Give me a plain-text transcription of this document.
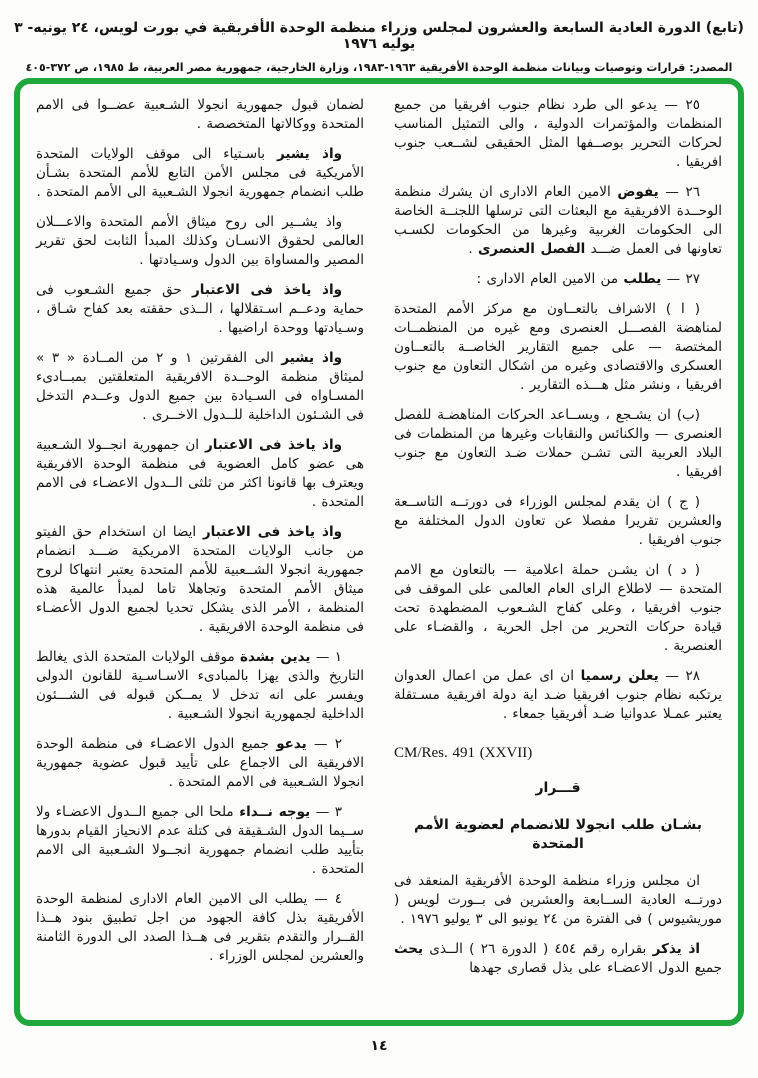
(تابع) الدورة العادية السابعة والعشرون لمجلس وزراء منظمة الوحدة الأفريقية في بورت لويس، ٢٤ يونيه- ٣ يوليه ١٩٧٦
المصدر: قرارات وتوصيات وبيانات منظمة الوحدة الأفريقية ١٩٦٣-١٩٨٣، وزارة الخارجية، جمهورية مصر العربية، ط ١٩٨٥، ص ٣٧٢-٤٠٥

٢٥ — يدعو الى طرد نظام جنوب افريقيا من جميع المنظمات والمؤتمرات الدولية ، والى التمثيل المناسب لحركات التحرير بوصــفها المثل الحقيقى لشــعب جنوب افريقيا .

٢٦ — يفوض الامين العام الادارى ان يشرك منظمة الوحــدة الافريقية مع البعثات التى ترسلها اللجنــة الخاصة الى الحكومات الغربية وغيرها من الحكومات لكسـب تعاونها فى العمل ضـــد الفصل العنصرى .

٢٧ — يطلب من الامين العام الادارى :

( ا ) الاشراف بالتعــاون مع مركز الأمم المتحدة لمناهضة الفصـــل العنصرى ومع غيره من المنظمــات المختصة — على جميع التقارير الخاصــة بالتعــاون العسكرى والاقتصادى وغيره من اشكال التعاون مع جنوب افريقيا ، ونشر مثل هـــذه التقارير .

(ب) ان يشـجع ، ويســاعد الحركات المناهضـة للفصل العنصرى — والكنائس والنقابات وغيرها من المنظمات فى البلاد العربية التى تشـن حملات ضـد التعاون مع جنوب افريقيا .

( ج ) ان يقدم لمجلس الوزراء فى دورتــه التاســعة والعشرين تقريرا مفصلا عن تعاون الدول المختلفة مع جنوب افريقيا .

( د ) ان يشـن حملة اعلامية — بالتعاون مع الامم المتحدة — لاطلاع الراى العام العالمى على الموقف فى جنوب افريقيا ، وعلى كفاح الشـعوب المضطهدة تحت قيادة حركات التحرير من اجل الحرية ، والقضـاء على العنصرية .

٢٨ — يعلن رسميا ان اى عمل من اعمال العدوان يرتكبه نظام جنوب افريقيا ضـد اية دولة افريقية مسـتقلة يعتبر عمـلا عدوانيا ضـد أفريقيا جمعاء .

CM/Res. 491 (XXVII)

قـــرار

بشـان طلب انجولا للانضمام لعضوية الأمم المتحدة

ان مجلس وزراء منظمة الوحدة الأفريقية المنعقد فى دورتــه العادية الســابعة والعشرين فى بــورت لويس ( موريشيوس ) فى الفترة من ٢٤ يونيو الى ٣ يوليو ١٩٧٦ .

اذ يذكر بقراره رقم ٤٥٤ ( الدورة ٢٦ ) الــذى يحث جميع الدول الاعضـاء على بذل قصارى جهدها

لضمان قبول جمهورية انجولا الشـعبية عضــوا فى الامم المتحدة ووكالاتها المتخصصة .

واذ يشير باسـتياء الى موقف الولايات المتحدة الأمريكية فى مجلس الأمن التابع للأمم المتحدة بشـأن طلب انضمام جمهورية انجولا الشـعبية الى الأمم المتحدة .

واذ يشــير الى روح ميثاق الأمم المتحدة والاعـــلان العالمى لحقوق الانسـان وكذلك المبدأ الثابت لحق تقرير المصير والمساواة بين الدول وسـيادتها .

واذ ياخذ فى الاعتبار حق جميع الشـعوب فى حماية ودعــم اسـتقلالها ، الــذى حققته بعد كفاح شـاق ، وسـيادتها ووحدة اراضيها .

واذ يشير الى الفقرتين ١ و ٢ من المــادة « ٣ » لميثاق منظمة الوحــدة الافريقية المتعلقتين بمبــادىء المسـاواه فى السـيادة بين جميع الدول وعــدم التدخل فى الشـئون الداخلية للــدول الاخــرى .

واذ ياخذ فى الاعتبار ان جمهورية انجــولا الشـعبية هى عضو كامل العضوية فى منظمة الوحدة الافريقية ويعترف بها قانونا اكثر من ثلثى الــدول الاعضـاء فى الامم المتحدة .

واذ ياخذ فى الاعتبار ايضا ان استخدام حق الفيتو من جانب الولايات المتحدة الامريكية ضـــد انضمام جمهورية انجولا الشــعبية للأمم المتحدة يعتبر انتهاكا لروح ميثاق الأمم المتحدة وتجاهلا تاما لمبدأ عالمية هذه المنظمة ، الأمر الذى يشكل تحديا لجميع الدول الأعضـاء فى منظمة الوحدة الافريقية .

١ — يدين بشدة موقف الولايات المتحدة الذى يغالط التاريخ والذى يهزا بالمبادىء الاسـاسـية للقانون الدولى ويفسر على انه تدخل لا يمــكن قبوله فى الشـــئون الداخلية لجمهورية انجولا الشـعبية .

٢ — يدعو جميع الدول الاعضـاء فى منظمة الوحدة الافريقية الى الاجماع على تأييد قبول عضوية جمهورية انجولا الشـعبية فى الامم المتحدة .

٣ — يوجه نــداء ملحا الى جميع الــدول الاعضـاء ولا ســيما الدول الشـقيقة فى كتلة عدم الانحياز القيام بدورها بتأييد طلب انضمام جمهورية انجــولا الشـعبية الى الامم المتحدة .

٤ — يطلب الى الامين العام الادارى لمنظمة الوحدة الأفريقية بذل كافة الجهود من اجل تطبيق بنود هــذا القــرار والتقدم بتقرير فى هــذا الصدد الى الدورة الثامنة والعشرين لمجلس الوزراء .

١٤
